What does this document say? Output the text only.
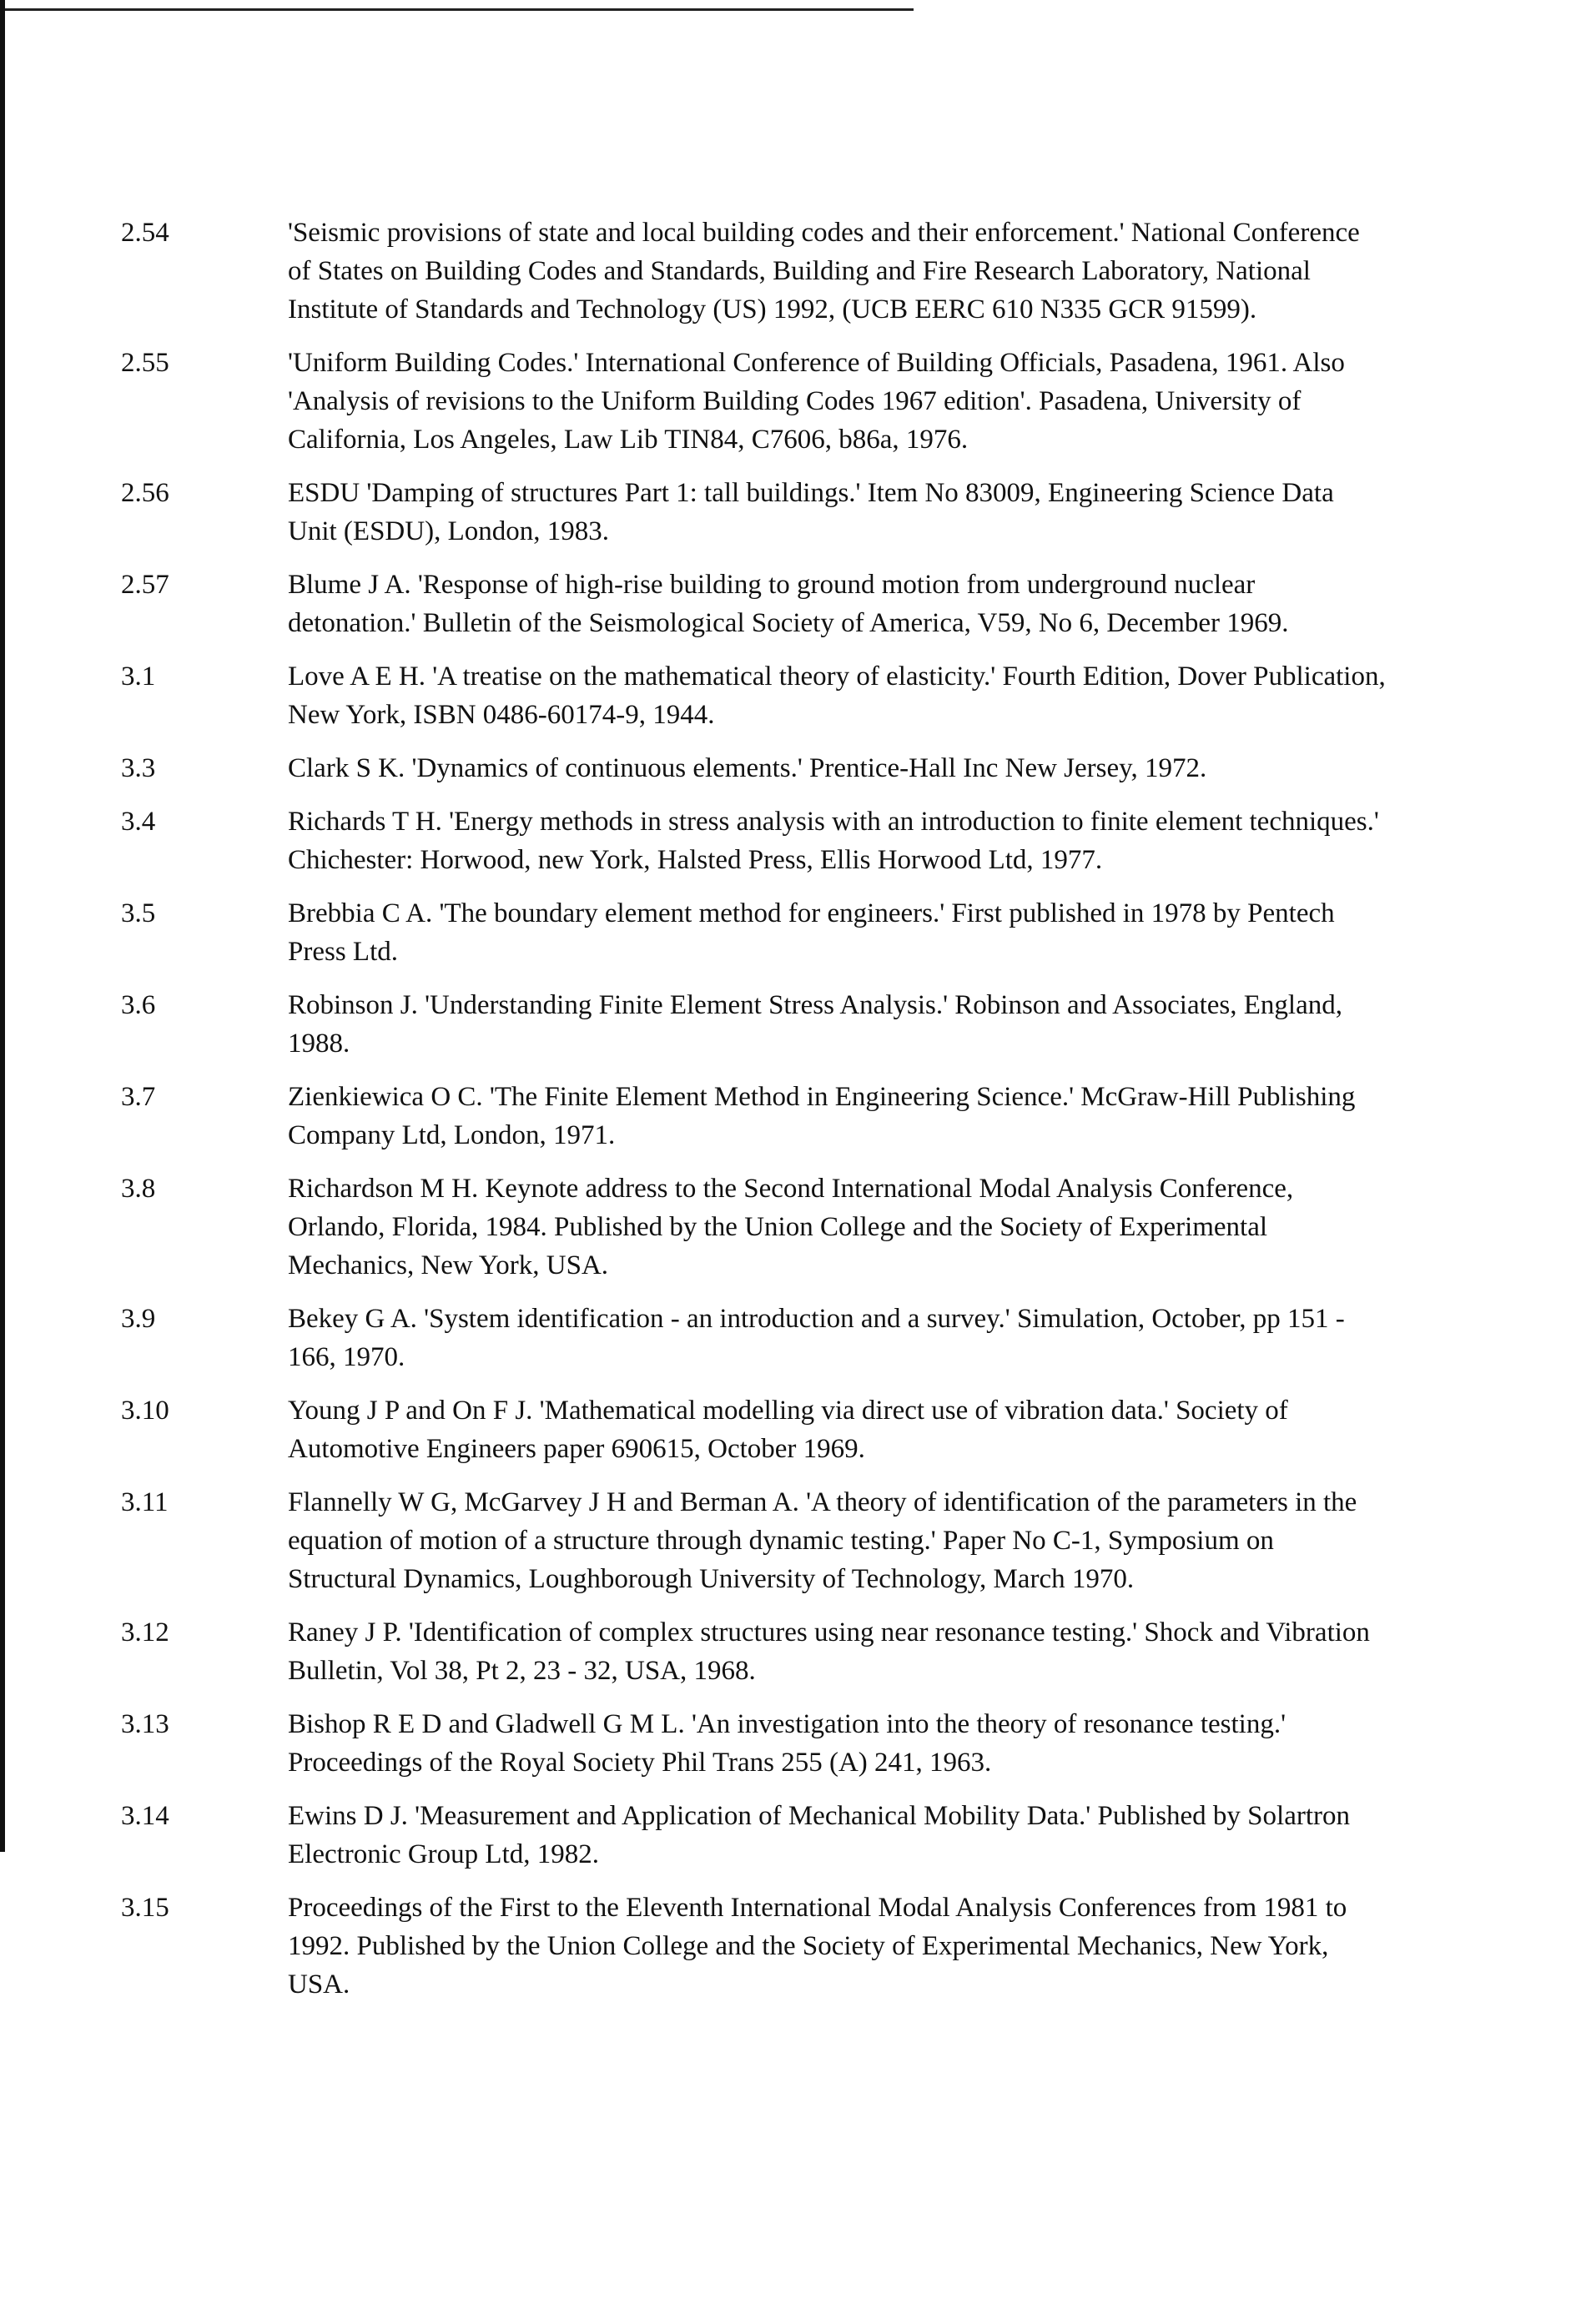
2.54	'Seismic provisions of state and local building codes and their enforcement.' National Conference of States on Building Codes and Standards, Building and Fire Research Laboratory, National Institute of Standards and Technology (US) 1992, (UCB EERC 610 N335 GCR 91599).
2.55	'Uniform Building Codes.' International Conference of Building Officials, Pasadena, 1961. Also 'Analysis of revisions to the Uniform Building Codes 1967 edition'. Pasadena, University of California, Los Angeles, Law Lib TIN84, C7606, b86a, 1976.
2.56	ESDU 'Damping of structures Part 1: tall buildings.' Item No 83009, Engineering Science Data Unit (ESDU), London, 1983.
2.57	Blume J A. 'Response of high-rise building to ground motion from underground nuclear detonation.' Bulletin of the Seismological Society of America, V59, No 6, December 1969.
3.1	Love A E H. 'A treatise on the mathematical theory of elasticity.' Fourth Edition, Dover Publication, New York, ISBN 0486-60174-9, 1944.
3.3	Clark S K. 'Dynamics of continuous elements.' Prentice-Hall Inc New Jersey, 1972.
3.4	Richards T H. 'Energy methods in stress analysis with an introduction to finite element techniques.' Chichester: Horwood, new York, Halsted Press, Ellis Horwood Ltd, 1977.
3.5	Brebbia C A. 'The boundary element method for engineers.' First published in 1978 by Pentech Press Ltd.
3.6	Robinson J. 'Understanding Finite Element Stress Analysis.' Robinson and Associates, England, 1988.
3.7	Zienkiewica O C. 'The Finite Element Method in Engineering Science.' McGraw-Hill Publishing Company Ltd, London, 1971.
3.8	Richardson M H. Keynote address to the Second International Modal Analysis Conference, Orlando, Florida, 1984. Published by the Union College and the Society of Experimental Mechanics, New York, USA.
3.9	Bekey G A. 'System identification - an introduction and a survey.' Simulation, October, pp 151 - 166, 1970.
3.10	Young J P and On F J. 'Mathematical modelling via direct use of vibration data.' Society of Automotive Engineers paper 690615, October 1969.
3.11	Flannelly W G, McGarvey J H and Berman A. 'A theory of identification of the parameters in the equation of motion of a structure through dynamic testing.' Paper No C-1, Symposium on Structural Dynamics, Loughborough University of Technology, March 1970.
3.12	Raney J P. 'Identification of complex structures using near resonance testing.' Shock and Vibration Bulletin, Vol 38, Pt 2, 23 - 32, USA, 1968.
3.13	Bishop R E D and Gladwell G M L. 'An investigation into the theory of resonance testing.' Proceedings of the Royal Society Phil Trans 255 (A) 241, 1963.
3.14	Ewins D J. 'Measurement and Application of Mechanical Mobility Data.' Published by Solartron Electronic Group Ltd, 1982.
3.15	Proceedings of the First to the Eleventh International Modal Analysis Conferences from 1981 to 1992. Published by the Union College and the Society of Experimental Mechanics, New York, USA.
